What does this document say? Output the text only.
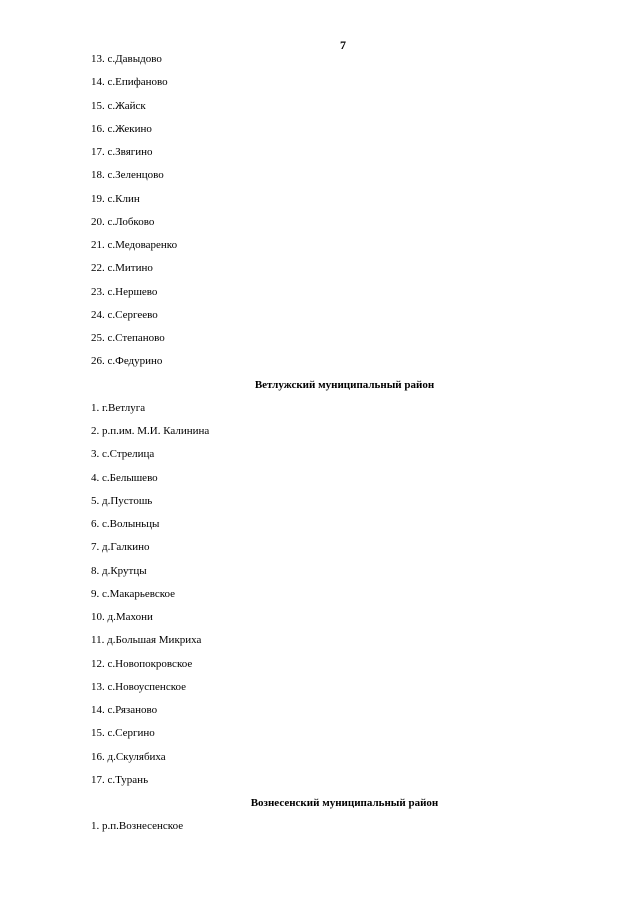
7
13. с.Давыдово
14. с.Епифаново
15. с.Жайск
16. с.Жекино
17. с.Звягино
18. с.Зеленцово
19. с.Клин
20. с.Лобково
21. с.Медоваренко
22. с.Митино
23. с.Нершево
24. с.Сергеево
25. с.Степаново
26. с.Федурино
Ветлужский муниципальный район
1. г.Ветлуга
2. р.п.им. М.И. Калинина
3. с.Стрелица
4. с.Белышево
5. д.Пустошь
6. с.Волыньцы
7. д.Галкино
8. д.Крутцы
9. с.Макарьевское
10. д.Махони
11. д.Большая Микриха
12. с.Новопокровское
13. с.Новоуспенское
14. с.Рязаново
15. с.Сергино
16. д.Скулябиха
17. с.Турань
Вознесенский муниципальный район
1. р.п.Вознесенское
